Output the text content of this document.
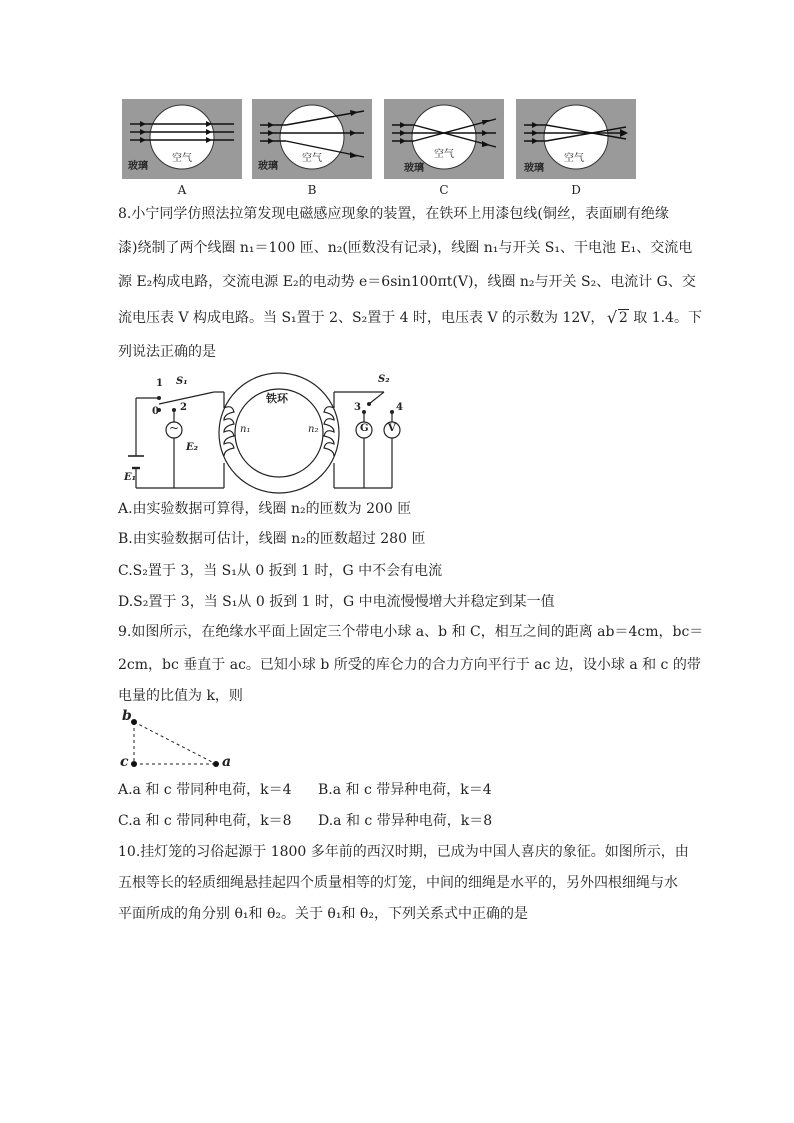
玻璃
空气
A
玻璃
空气
B
玻璃
空气
C
玻璃
空气
D
8.小宁同学仿照法拉第发现电磁感应现象的装置，在铁环上用漆包线(铜丝，表面刷有绝缘
漆)绕制了两个线圈 n₁＝100 匝、n₂(匝数没有记录)，线圈 n₁与开关 S₁、干电池 E₁、交流电
源 E₂构成电路，交流电源 E₂的电动势 e＝6sin100πt(V)，线圈 n₂与开关 S₂、电流计 G、交
流电压表 V 构成电路。当 S₁置于 2、S₂置于 4 时，电压表 V 的示数为 12V， √ 2 取 1.4。下
列说法正确的是
铁环
n₁	n₂
S₁	S₂
E₁
E₂
1
0 2	3	4
~	G V
A.由实验数据可算得，线圈 n₂的匝数为 200 匝
B.由实验数据可估计，线圈 n₂的匝数超过 280 匝
C.S₂置于 3，当 S₁从 0 扳到 1 时，G 中不会有电流
D.S₂置于 3，当 S₁从 0 扳到 1 时，G 中电流慢慢增大并稳定到某一值
9.如图所示，在绝缘水平面上固定三个带电小球 a、b 和 C，相互之间的距离 ab＝4cm，bc＝
2cm，bc 垂直于 ac。已知小球 b 所受的库仑力的合力方向平行于 ac 边，设小球 a 和 c 的带
电量的比值为 k，则
b
c	a
A.a 和 c 带同种电荷，k＝4 B.a 和 c 带异种电荷，k＝4
C.a 和 c 带同种电荷，k＝8 D.a 和 c 带异种电荷，k＝8
10.挂灯笼的习俗起源于 1800 多年前的西汉时期，已成为中国人喜庆的象征。如图所示，由
五根等长的轻质细绳悬挂起四个质量相等的灯笼，中间的细绳是水平的，另外四根细绳与水
平面所成的角分别 θ₁和 θ₂。关于 θ₁和 θ₂，下列关系式中正确的是
